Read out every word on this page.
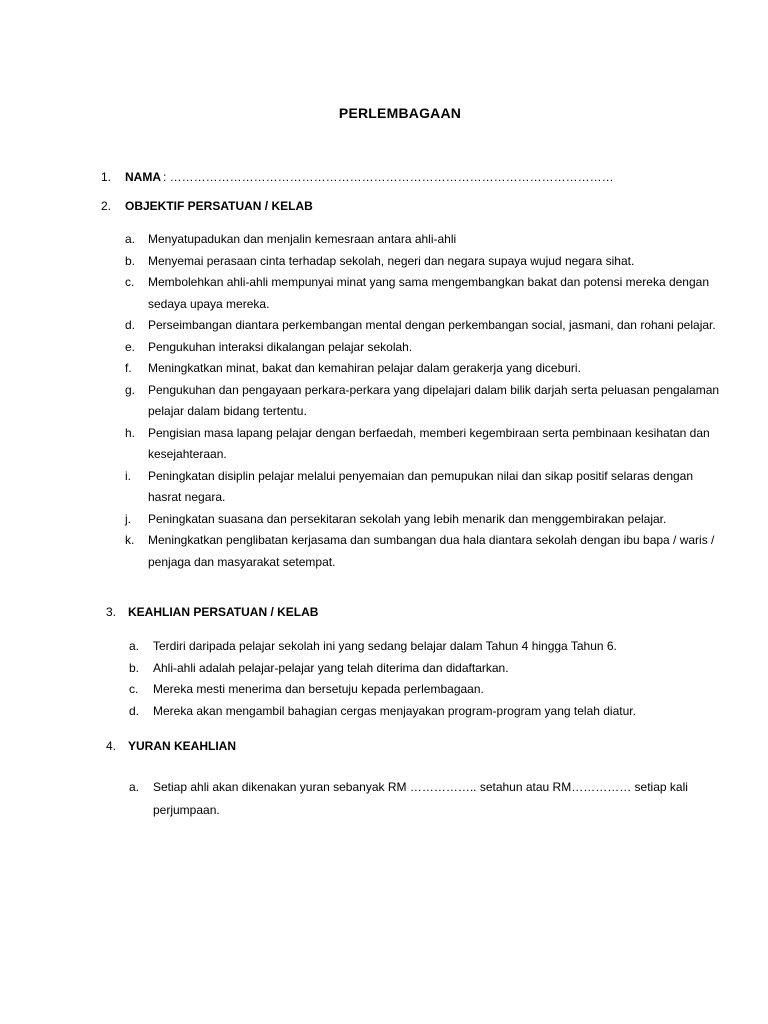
PERLEMBAGAAN
1. NAMA : …………………………………………………………………………………………………
2. OBJEKTIF PERSATUAN / KELAB
a. Menyatupadukan dan menjalin kemesraan antara ahli-ahli
b. Menyemai perasaan cinta terhadap sekolah, negeri dan negara supaya wujud negara sihat.
c. Membolehkan ahli-ahli mempunyai minat yang sama mengembangkan bakat dan potensi mereka dengan sedaya upaya mereka.
d. Perseimbangan diantara perkembangan mental dengan perkembangan social, jasmani, dan rohani pelajar.
e. Pengukuhan interaksi dikalangan pelajar sekolah.
f. Meningkatkan minat, bakat dan kemahiran pelajar dalam gerakerja yang diceburi.
g. Pengukuhan dan pengayaan perkara-perkara yang dipelajari dalam bilik darjah serta peluasan pengalaman pelajar dalam bidang tertentu.
h. Pengisian masa lapang pelajar dengan berfaedah, memberi kegembiraan serta pembinaan kesihatan dan kesejahteraan.
i. Peningkatan disiplin pelajar melalui penyemaian dan pemupukan nilai dan sikap positif selaras dengan hasrat negara.
j. Peningkatan suasana dan persekitaran sekolah yang lebih menarik dan menggembirakan pelajar.
k. Meningkatkan penglibatan kerjasama dan sumbangan dua hala diantara sekolah dengan ibu bapa / waris / penjaga dan masyarakat setempat.
3. KEAHLIAN PERSATUAN / KELAB
a. Terdiri daripada pelajar sekolah ini yang sedang belajar dalam Tahun 4 hingga Tahun 6.
b. Ahli-ahli adalah pelajar-pelajar yang telah diterima dan didaftarkan.
c. Mereka mesti menerima dan bersetuju kepada perlembagaan.
d. Mereka akan mengambil bahagian cergas menjayakan program-program yang telah diatur.
4. YURAN KEAHLIAN
a. Setiap ahli akan dikenakan yuran sebanyak RM …………….. setahun atau RM…………… setiap kali perjumpaan.
